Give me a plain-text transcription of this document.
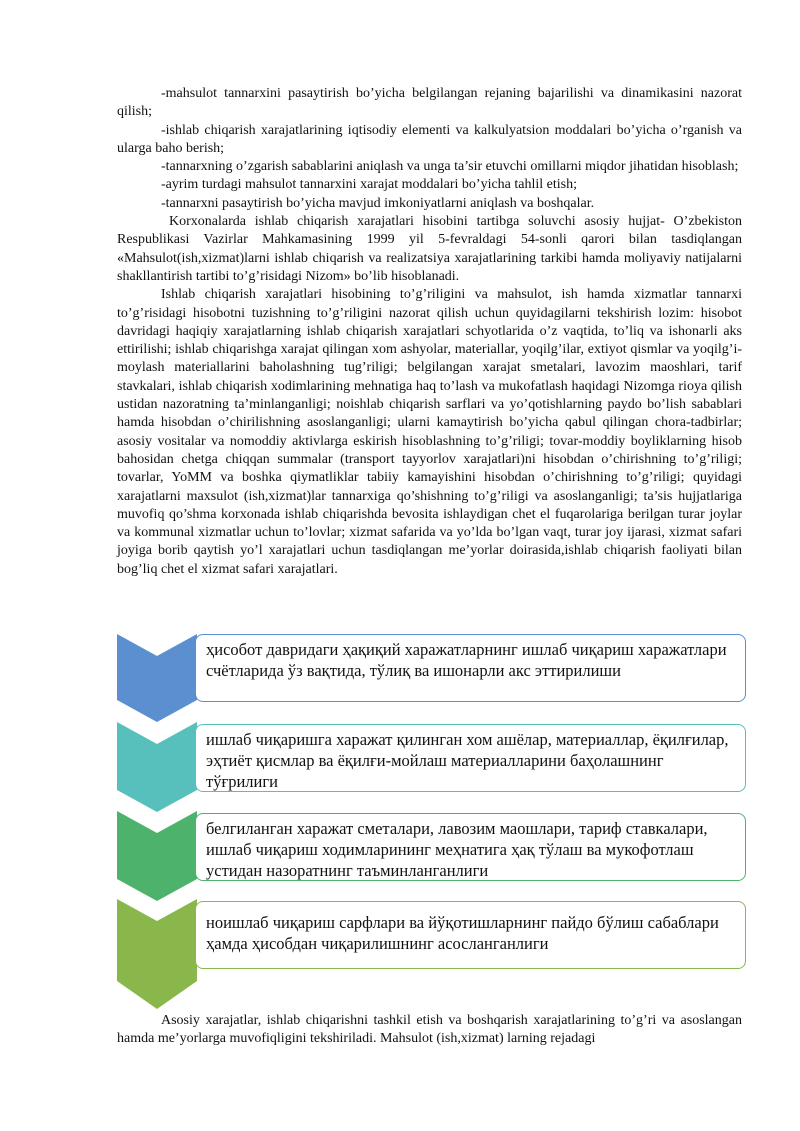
-mahsulot tannarxini pasaytirish bo’yicha belgilangan rejaning bajarilishi va dinamikasini nazorat qilish;

-ishlab chiqarish xarajatlarining iqtisodiy elementi va kalkulyatsion moddalari bo’yicha o’rganish va ularga baho berish;

-tannarxning o’zgarish sabablarini aniqlash va unga ta’sir etuvchi omillarni miqdor jihatidan hisoblash;

-ayrim turdagi mahsulot tannarxini xarajat moddalari bo’yicha tahlil etish;

-tannarxni pasaytirish bo’yicha mavjud imkoniyatlarni aniqlash va boshqalar.

Korxonalarda ishlab chiqarish xarajatlari hisobini tartibga soluvchi asosiy hujjat- O’zbekiston Respublikasi Vazirlar Mahkamasining 1999 yil 5-fevraldagi 54-sonli qarori bilan tasdiqlangan «Mahsulot(ish,xizmat)larni ishlab chiqarish va realizatsiya xarajatlarining tarkibi hamda moliyaviy natijalarni shakllantirish tartibi to’g’risidagi Nizom» bo’lib hisoblanadi.

Ishlab chiqarish xarajatlari hisobining to’g’riligini va mahsulot, ish hamda xizmatlar tannarxi to’g’risidagi hisobotni tuzishning to’g’riligini nazorat qilish uchun quyidagilarni tekshirish lozim: hisobot davridagi haqiqiy xarajatlarning ishlab chiqarish xarajatlari schyotlarida o’z vaqtida, to’liq va ishonarli aks ettirilishi; ishlab chiqarishga xarajat qilingan xom ashyolar, materiallar, yoqilg’ilar, extiyot qismlar va yoqilg’i-moylash materiallarini baholashning tug’riligi; belgilangan xarajat smetalari, lavozim maoshlari, tarif stavkalari, ishlab chiqarish xodimlarining mehnatiga haq to’lash va mukofatlash haqidagi Nizomga rioya qilish ustidan nazoratning ta’minlanganligi; noishlab chiqarish sarflari va yo’qotishlarning paydo bo’lish sabablari hamda hisobdan o’chirilishning asoslanganligi; ularni kamaytirish bo’yicha qabul qilingan chora-tadbirlar; asosiy vositalar va nomoddiy aktivlarga eskirish hisoblashning to’g’riligi; tovar-moddiy boyliklarning hisob bahosidan chetga chiqqan summalar (transport tayyorlov xarajatlari)ni hisobdan o’chirishning to’g’riligi; tovarlar, YoMM va boshka qiymatliklar tabiiy kamayishini hisobdan o’chirishning to’g’riligi; quyidagi xarajatlarni maxsulot (ish,xizmat)lar tannarxiga qo’shishning to’g’riligi va asoslanganligi; ta’sis hujjatlariga muvofiq qo’shma korxonada ishlab chiqarishda bevosita ishlaydigan chet el fuqarolariga berilgan turar joylar va kommunal xizmatlar uchun to’lovlar; xizmat safarida va yo’lda bo’lgan vaqt, turar joy ijarasi, xizmat safari joyiga borib qaytish yo’l xarajatlari uchun tasdiqlangan me’yorlar doirasida,ishlab chiqarish faoliyati bilan bog’liq chet el xizmat safari xarajatlari.

ҳисобот давридаги ҳақиқий харажатларнинг ишлаб чиқариш харажатлари счётларида ўз вақтида, тўлиқ ва ишонарли акс эттирилиши
ишлаб чиқаришга харажат қилинган хом ашёлар, материаллар, ёқилғилар, эҳтиёт қисмлар ва ёқилғи-мойлаш материалларини баҳолашнинг тўғрилиги
белгиланган харажат сметалари, лавозим маошлари, тариф ставкалари, ишлаб чиқариш ходимларининг меҳнатига ҳақ тўлаш ва мукофотлаш устидан назоратнинг таъминланганлиги
ноишлаб чиқариш сарфлари ва йўқотишларнинг пайдо бўлиш сабаблари ҳамда ҳисобдан чиқарилишнинг асосланганлиги

Asosiy xarajatlar, ishlab chiqarishni tashkil etish va boshqarish xarajatlarining to’g’ri va asoslangan hamda me’yorlarga muvofiqligini tekshiriladi. Mahsulot (ish,xizmat) larning rejadagi
